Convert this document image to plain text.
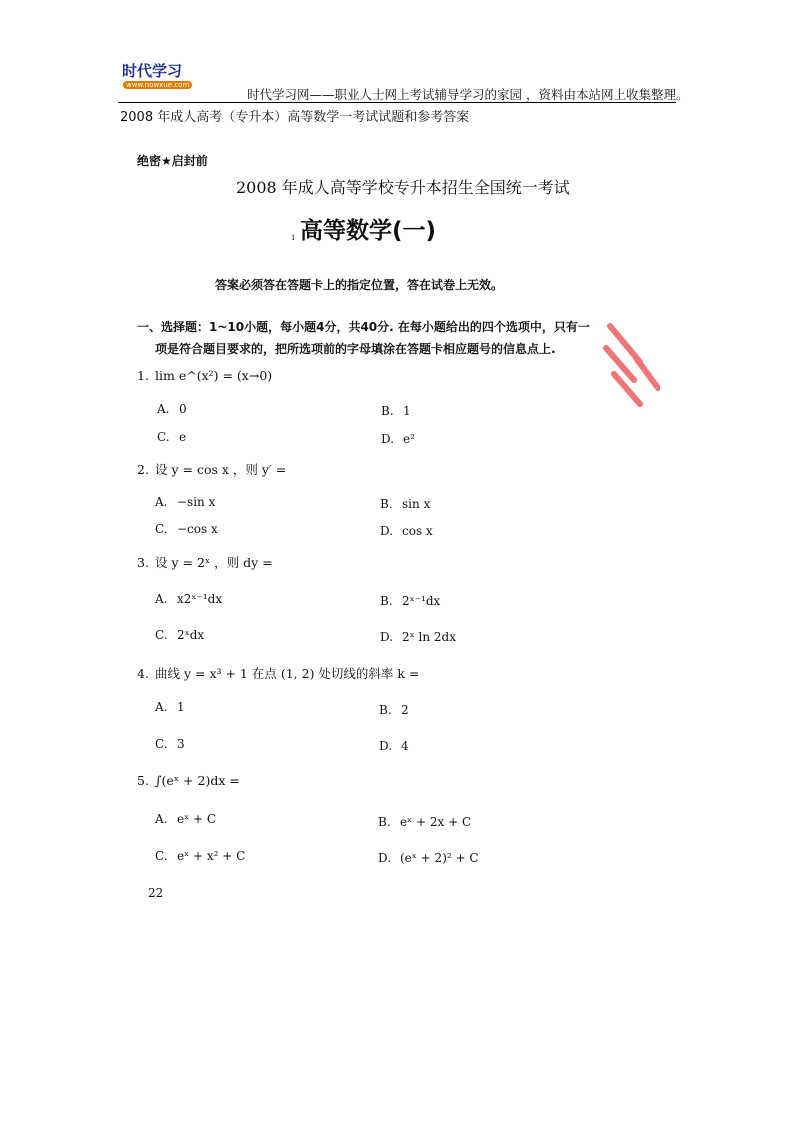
时代学习
www.nowxue.com
时代学习网——职业人士网上考试辅导学习的家园 ，资料由本站网上收集整理。
2008 年成人高考（专升本）高等数学一考试试题和参考答案
绝密★启封前
2008 年成人高等学校专升本招生全国统一考试
高等数学(一)
1
答案必须答在答题卡上的指定位置，答在试卷上无效。
一、选择题：1~10小题，每小题4分，共40分. 在每小题给出的四个选项中，只有一
项是符合题目要求的，把所选项前的字母填涂在答题卡相应题号的信息点上.
1. lim e^(x²) = (x→0)
A. 0	B. 1
C. e	D. e²
2. 设 y = cos x ，则 y′ =
A. −sin x	B. sin x
C. −cos x	D. cos x
3. 设 y = 2ˣ ，则 dy =
A. x2ˣ⁻¹dx	B. 2ˣ⁻¹dx
C. 2ˣdx	D. 2ˣ ln 2dx
4. 曲线 y = x³ + 1 在点 (1, 2) 处切线的斜率 k =
A. 1	B. 2
C. 3	D. 4
5. ∫(eˣ + 2)dx =
A. eˣ + C	B. eˣ + 2x + C
C. eˣ + x² + C	D. (eˣ + 2)² + C
22
